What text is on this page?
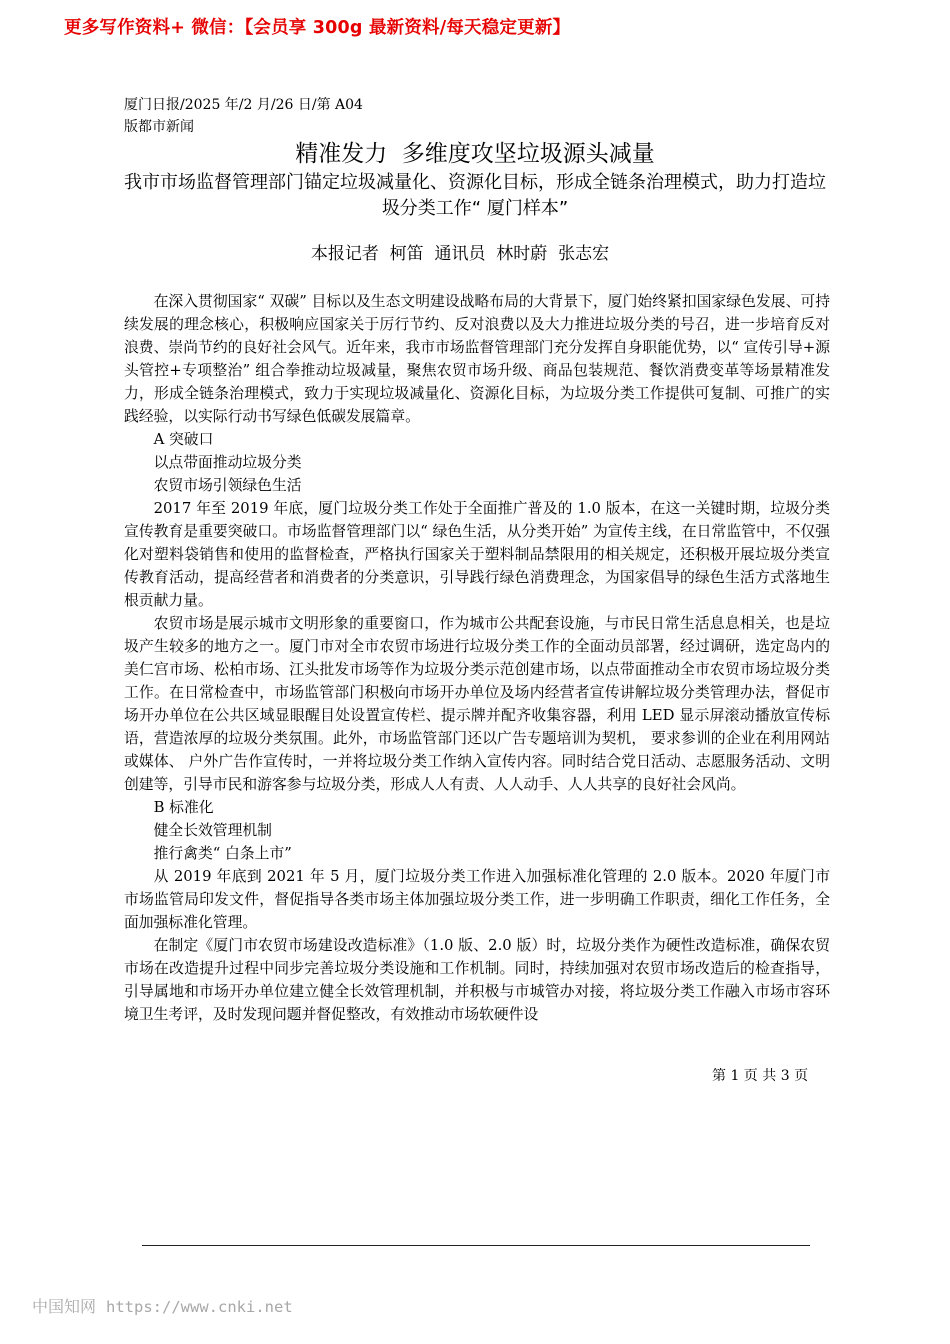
更多写作资料+ 微信：【会员享 300g 最新资料/每天稳定更新】
厦门日报/2025 年/2 月/26 日/第 A04
版都市新闻
精准发力  多维度攻坚垃圾源头减量
我市市场监督管理部门锚定垃圾减量化、资源化目标，形成全链条治理模式，助力打造垃圾分类工作“ 厦门样本”
本报记者  柯笛  通讯员  林时蔚  张志宏

在深入贯彻国家“ 双碳” 目标以及生态文明建设战略布局的大背景下，厦门始终紧扣国家绿色发展、可持续发展的理念核心，积极响应国家关于厉行节约、反对浪费以及大力推进垃圾分类的号召，进一步培育反对浪费、崇尚节约的良好社会风气。近年来，我市市场监督管理部门充分发挥自身职能优势，以“ 宣传引导+源头管控+专项整治” 组合拳推动垃圾减量，聚焦农贸市场升级、商品包装规范、餐饮消费变革等场景精准发力，形成全链条治理模式，致力于实现垃圾减量化、资源化目标，为垃圾分类工作提供可复制、可推广的实践经验，以实际行动书写绿色低碳发展篇章。

A 突破口
以点带面推动垃圾分类
农贸市场引领绿色生活

2017 年至 2019 年底，厦门垃圾分类工作处于全面推广普及的 1.0 版本，在这一关键时期，垃圾分类宣传教育是重要突破口。市场监督管理部门以“ 绿色生活，从分类开始” 为宣传主线，在日常监管中，不仅强化对塑料袋销售和使用的监督检查，严格执行国家关于塑料制品禁限用的相关规定，还积极开展垃圾分类宣传教育活动，提高经营者和消费者的分类意识，引导践行绿色消费理念，为国家倡导的绿色生活方式落地生根贡献力量。

农贸市场是展示城市文明形象的重要窗口，作为城市公共配套设施，与市民日常生活息息相关，也是垃圾产生较多的地方之一。厦门市对全市农贸市场进行垃圾分类工作的全面动员部署，经过调研，选定岛内的美仁宫市场、松柏市场、江头批发市场等作为垃圾分类示范创建市场，以点带面推动全市农贸市场垃圾分类工作。在日常检查中，市场监管部门积极向市场开办单位及场内经营者宣传讲解垃圾分类管理办法，督促市场开办单位在公共区域显眼醒目处设置宣传栏、提示牌并配齐收集容器，利用 LED 显示屏滚动播放宣传标语，营造浓厚的垃圾分类氛围。此外，市场监管部门还以广告专题培训为契机， 要求参训的企业在利用网站或媒体、 户外广告作宣传时，一并将垃圾分类工作纳入宣传内容。同时结合党日活动、志愿服务活动、文明创建等，引导市民和游客参与垃圾分类，形成人人有责、人人动手、人人共享的良好社会风尚。

B 标准化
健全长效管理机制
推行禽类“ 白条上市”

从 2019 年底到 2021 年 5 月，厦门垃圾分类工作进入加强标准化管理的 2.0 版本。2020 年厦门市市场监管局印发文件，督促指导各类市场主体加强垃圾分类工作，进一步明确工作职责，细化工作任务，全面加强标准化管理。

在制定《厦门市农贸市场建设改造标准》（1.0 版、2.0 版）时，垃圾分类作为硬性改造标准，确保农贸市场在改造提升过程中同步完善垃圾分类设施和工作机制。同时，持续加强对农贸市场改造后的检查指导，引导属地和市场开办单位建立健全长效管理机制，并积极与市城管办对接，将垃圾分类工作融入市场市容环境卫生考评，及时发现问题并督促整改，有效推动市场软硬件设

第 1 页 共 3 页
中国知网 https://www.cnki.net
